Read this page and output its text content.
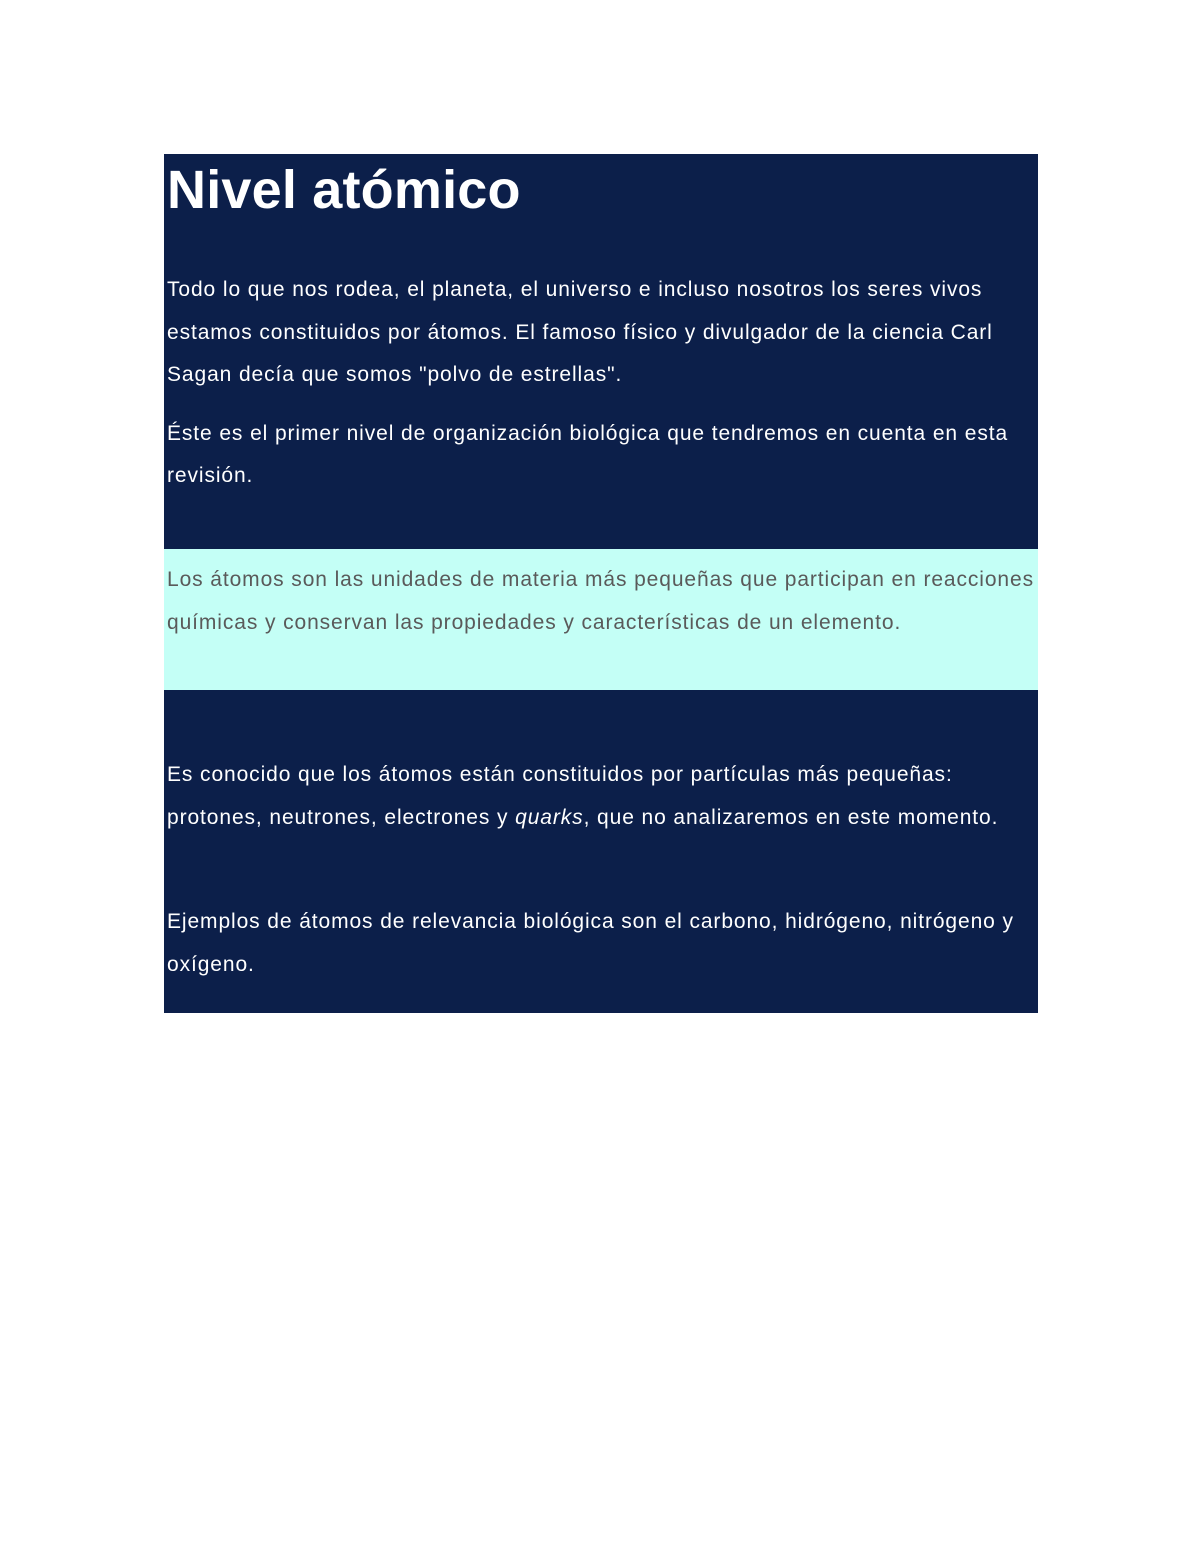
Nivel atómico

Todo lo que nos rodea, el planeta, el universo e incluso nosotros los seres vivos estamos constituidos por átomos. El famoso físico y divulgador de la ciencia Carl Sagan decía que somos "polvo de estrellas".

Éste es el primer nivel de organización biológica que tendremos en cuenta en esta revisión.

Los átomos son las unidades de materia más pequeñas que participan en reacciones químicas y conservan las propiedades y características de un elemento.

Es conocido que los átomos están constituidos por partículas más pequeñas: protones, neutrones, electrones y quarks, que no analizaremos en este momento.

Ejemplos de átomos de relevancia biológica son el carbono, hidrógeno, nitrógeno y oxígeno.
